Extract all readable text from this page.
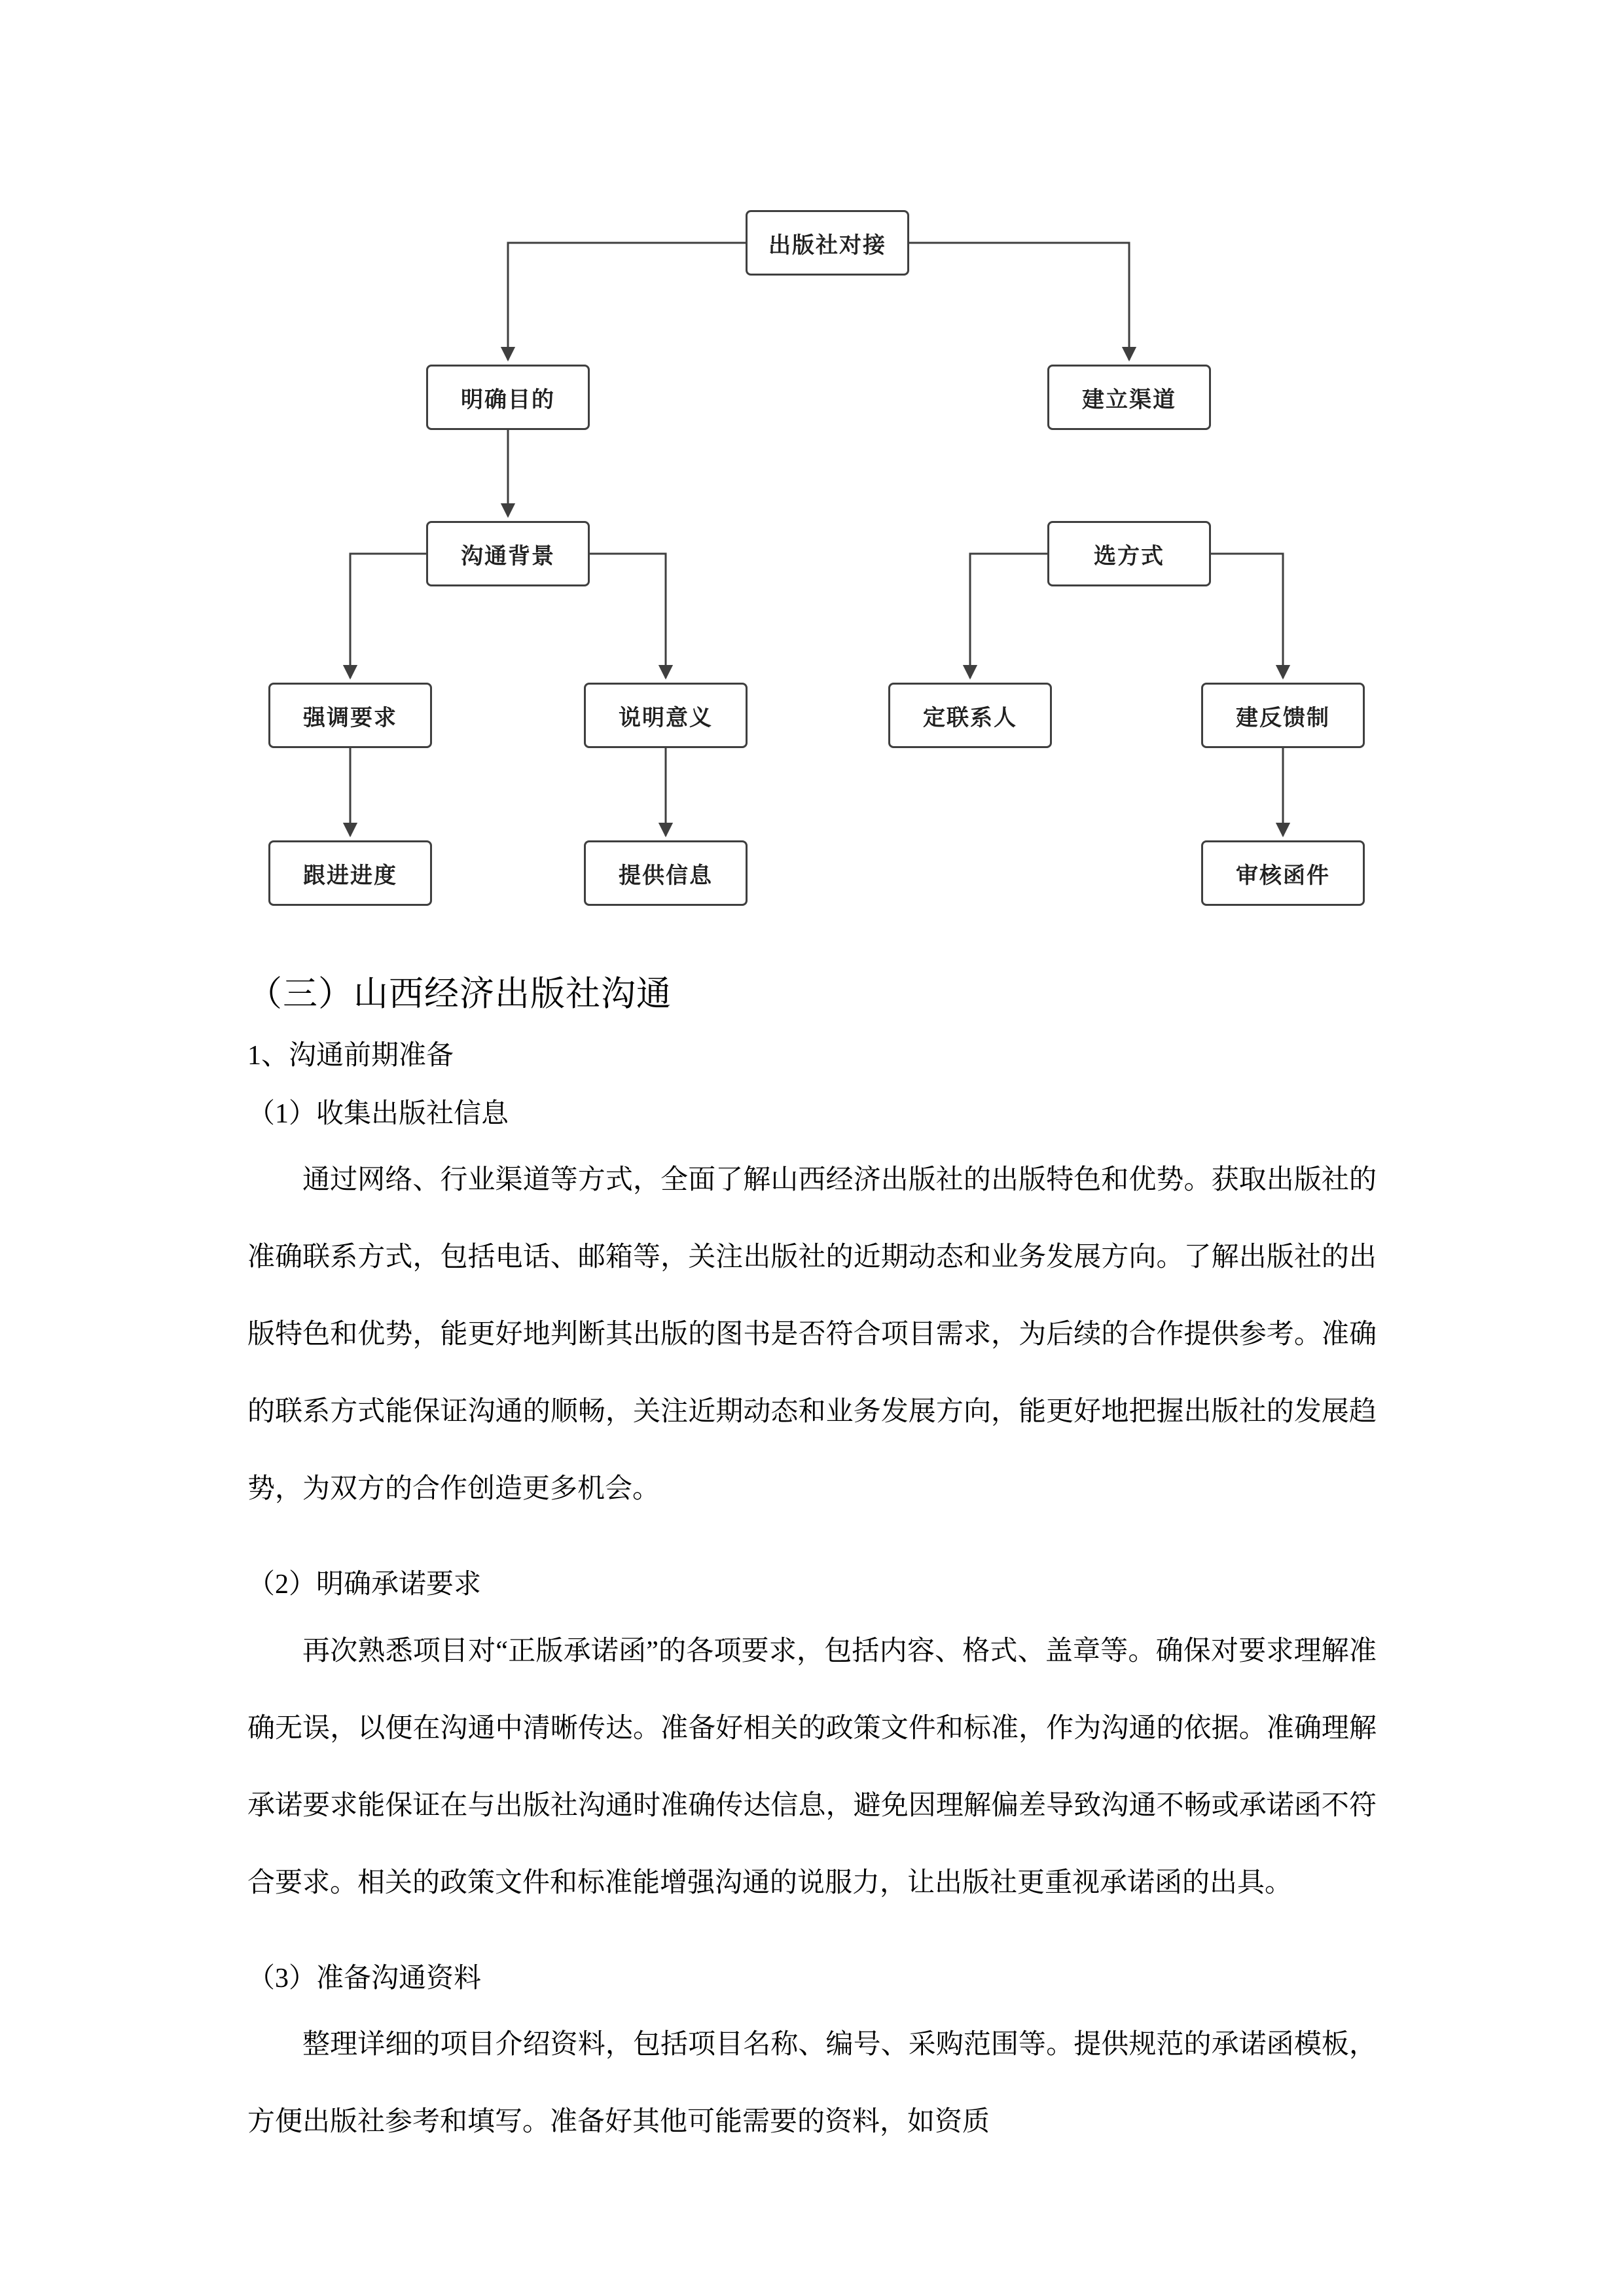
出版社对接
明确目的	建立渠道
沟通背景	选方式
强调要求	说明意义	定联系人	建反馈制
跟进进度	提供信息	审核函件
（三）山西经济出版社沟通
1、沟通前期准备
（1）收集出版社信息

通过网络、行业渠道等方式，全面了解山西经济出版社的出版特色和优势。获取出版社的准确联系方式，包括电话、邮箱等，关注出版社的近期动态和业务发展方向。了解出版社的出版特色和优势，能更好地判断其出版的图书是否符合项目需求，为后续的合作提供参考。准确的联系方式能保证沟通的顺畅，关注近期动态和业务发展方向，能更好地把握出版社的发展趋势，为双方的合作创造更多机会。

（2）明确承诺要求

再次熟悉项目对“正版承诺函”的各项要求，包括内容、格式、盖章等。确保对要求理解准确无误，以便在沟通中清晰传达。准备好相关的政策文件和标准，作为沟通的依据。准确理解承诺要求能保证在与出版社沟通时准确传达信息，避免因理解偏差导致沟通不畅或承诺函不符合要求。相关的政策文件和标准能增强沟通的说服力，让出版社更重视承诺函的出具。

（3）准备沟通资料

整理详细的项目介绍资料，包括项目名称、编号、采购范围等。提供规范的承诺函模板，方便出版社参考和填写。准备好其他可能需要的资料，如资质
